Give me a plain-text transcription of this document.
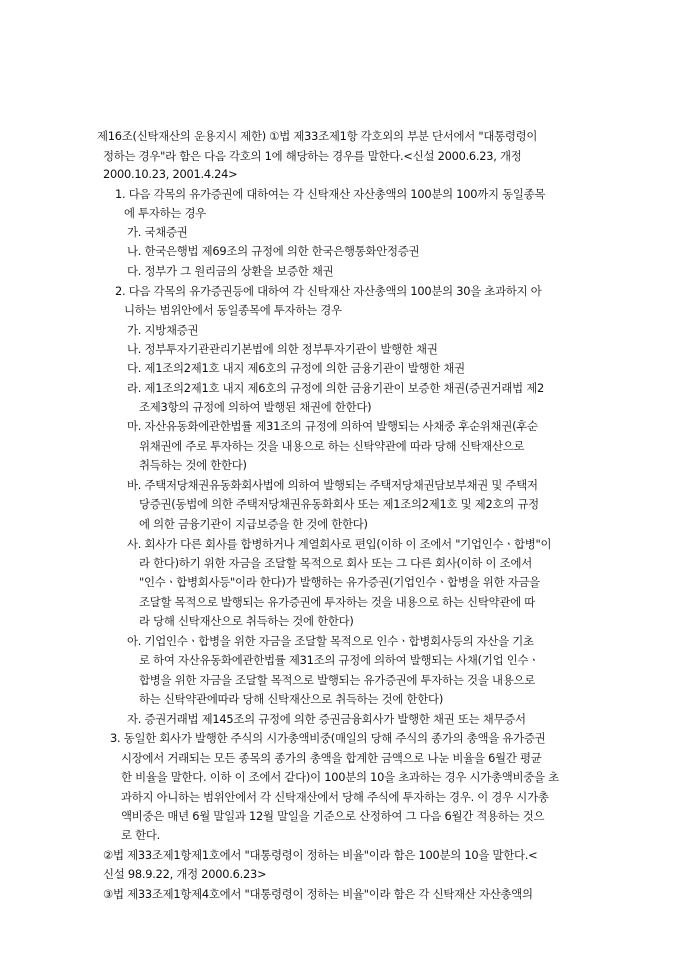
제16조(신탁재산의 운용지시 제한) ①법 제33조제1항 각호외의 부분 단서에서 "대통령령이
정하는 경우"라 함은 다음 각호의 1에 해당하는 경우를 말한다.<신설 2000.6.23, 개정
2000.10.23, 2001.4.24>
1. 다음 각목의 유가증권에 대하여는 각 신탁재산 자산총액의 100분의 100까지 동일종목
에 투자하는 경우
가. 국채증권
나. 한국은행법 제69조의 규정에 의한 한국은행통화안정증권
다. 정부가 그 원리금의 상환을 보증한 채권
2. 다음 각목의 유가증권등에 대하여 각 신탁재산 자산총액의 100분의 30을 초과하지 아
니하는 범위안에서 동일종목에 투자하는 경우
가. 지방채증권
나. 정부투자기관관리기본법에 의한 정부투자기관이 발행한 채권
다. 제1조의2제1호 내지 제6호의 규정에 의한 금융기관이 발행한 채권
라. 제1조의2제1호 내지 제6호의 규정에 의한 금융기관이 보증한 채권(증권거래법 제2
조제3항의 규정에 의하여 발행된 채권에 한한다)
마. 자산유동화에관한법률 제31조의 규정에 의하여 발행되는 사채중 후순위채권(후순
위채권에 주로 투자하는 것을 내용으로 하는 신탁약관에 따라 당해 신탁재산으로
취득하는 것에 한한다)
바. 주택저당채권유동화회사법에 의하여 발행되는 주택저당채권담보부채권 및 주택저
당증권(동법에 의한 주택저당채권유동화회사 또는 제1조의2제1호 및 제2호의 규정
에 의한 금융기관이 지급보증을 한 것에 한한다)
사. 회사가 다른 회사를 합병하거나 계열회사로 편입(이하 이 조에서 "기업인수ㆍ합병"이
라 한다)하기 위한 자금을 조달할 목적으로 회사 또는 그 다른 회사(이하 이 조에서
"인수ㆍ합병회사등"이라 한다)가 발행하는 유가증권(기업인수ㆍ합병을 위한 자금을
조달할 목적으로 발행되는 유가증권에 투자하는 것을 내용으로 하는 신탁약관에 따
라 당해 신탁재산으로 취득하는 것에 한한다)
아. 기업인수ㆍ합병을 위한 자금을 조달할 목적으로 인수ㆍ합병회사등의 자산을 기초
로 하여 자산유동화에관한법률 제31조의 규정에 의하여 발행되는 사채(기업 인수ㆍ
합병을 위한 자금을 조달할 목적으로 발행되는 유가증권에 투자하는 것을 내용으로
하는 신탁약관에따라 당해 신탁재산으로 취득하는 것에 한한다)
자. 증권거래법 제145조의 규정에 의한 증권금융회사가 발행한 채권 또는 채무증서
3. 동일한 회사가 발행한 주식의 시가총액비중(매일의 당해 주식의 종가의 총액을 유가증권
시장에서 거래되는 모든 종목의 종가의 총액을 합계한 금액으로 나눈 비율을 6월간 평균
한 비율을 말한다. 이하 이 조에서 같다)이 100분의 10을 초과하는 경우 시가총액비중을 초
과하지 아니하는 범위안에서 각 신탁재산에서 당해 주식에 투자하는 경우. 이 경우 시가총
액비중은 매년 6월 말일과 12월 말일을 기준으로 산정하여 그 다음 6월간 적용하는 것으
로 한다.
②법 제33조제1항제1호에서 "대통령령이 정하는 비율"이라 함은 100분의 10을 말한다.<
신설 98.9.22, 개정 2000.6.23>
③법 제33조제1항제4호에서 "대통령령이 정하는 비율"이라 함은 각 신탁재산 자산총액의
